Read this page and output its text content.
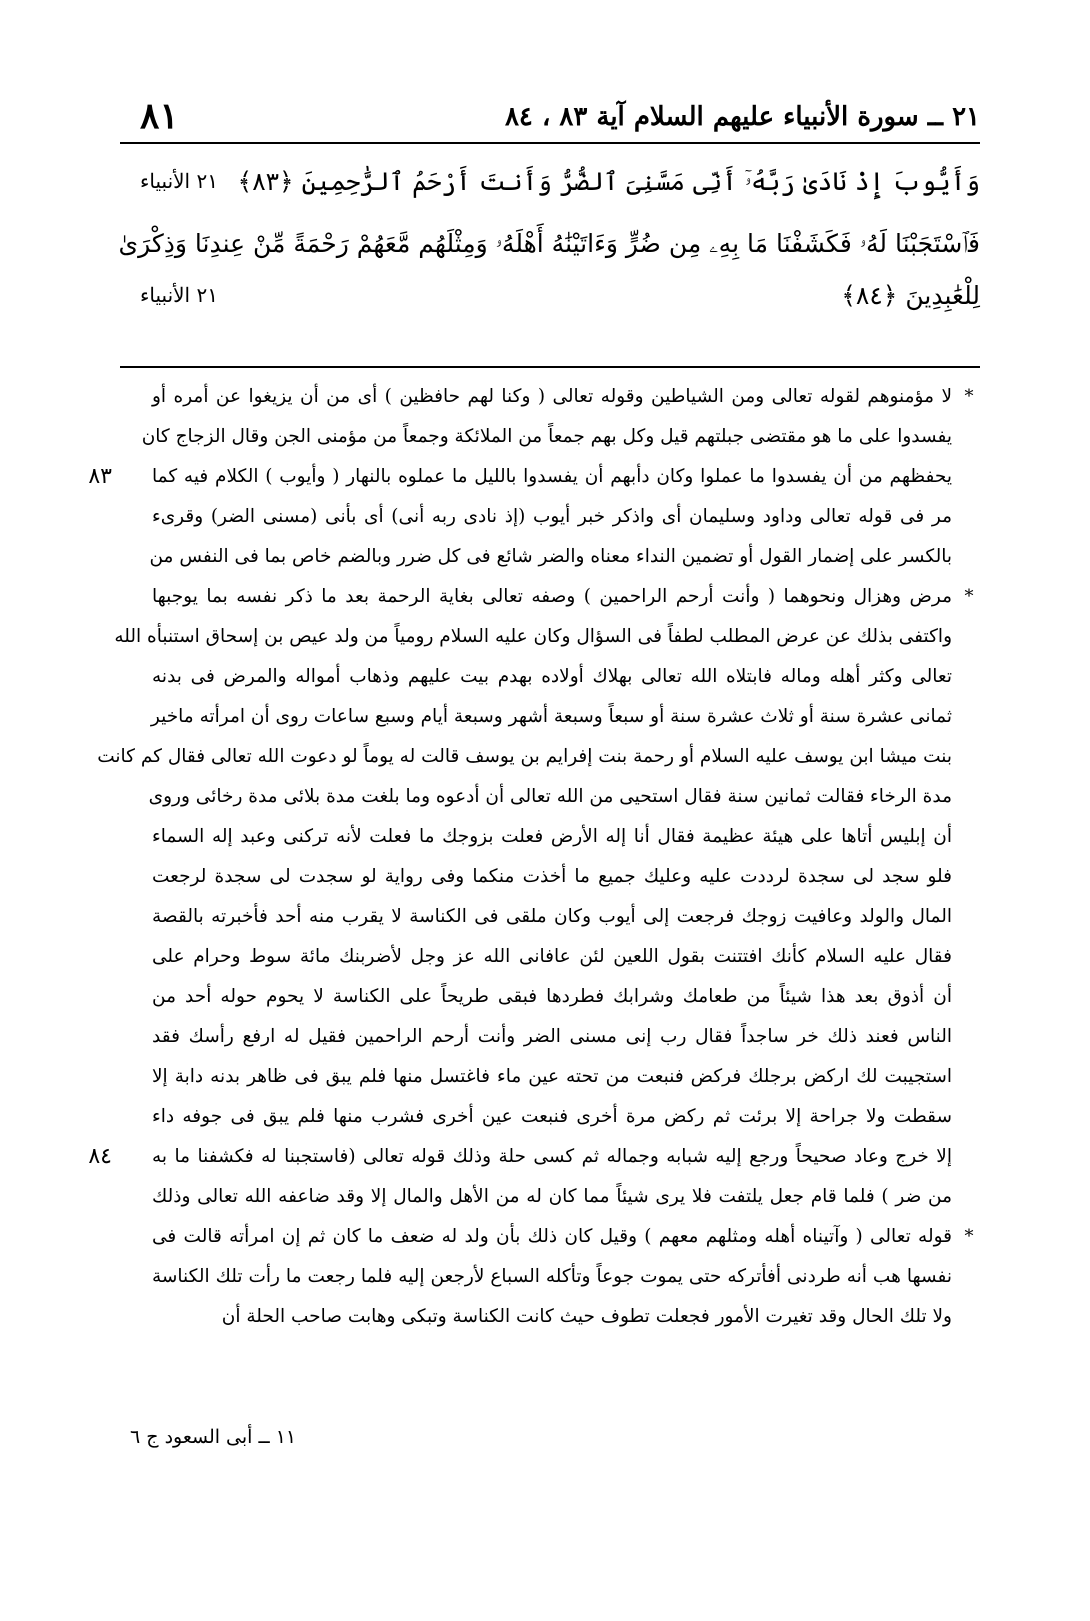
٨١	٢١ ــ سورة الأنبياء عليهم السلام آية ٨٣ ، ٨٤
وَأَيُّوبَ إِذْ نَادَىٰ رَبَّهُۥٓ أَنِّى مَسَّنِىَ ٱلضُّرُّ وَأَنتَ أَرْحَمُ ٱلرَّٰحِمِينَ ﴿٨٣﴾
٢١ الأنبياء
فَٱسْتَجَبْنَا لَهُۥ فَكَشَفْنَا مَا بِهِۦ مِن ضُرٍّ وَءَاتَيْنَٰهُ أَهْلَهُۥ وَمِثْلَهُم مَّعَهُمْ رَحْمَةً مِّنْ عِندِنَا وَذِكْرَىٰ
لِلْعَٰبِدِينَ ﴿٨٤﴾
٢١ الأنبياء
*
لا مؤمنوهم لقوله تعالى ومن الشياطين وقوله تعالى ( وكنا لهم حافظين ) أى من أن يزيغوا عن أمره أو
يفسدوا على ما هو مقتضى جبلتهم قيل وكل بهم جمعاً من الملائكة وجمعاً من مؤمنى الجن وقال الزجاج كان
يحفظهم من أن يفسدوا ما عملوا وكان دأبهم أن يفسدوا بالليل ما عملوه بالنهار ( وأيوب ) الكلام فيه كما
٨٣
مر فى قوله تعالى وداود وسليمان أى واذكر خبر أيوب (إذ نادى ربه أنى) أى بأنى (مسنى الضر) وقرىء
بالكسر على إضمار القول أو تضمين النداء معناه والضر شائع فى كل ضرر وبالضم خاص بما فى النفس من
*
مرض وهزال ونحوهما ( وأنت أرحم الراحمين ) وصفه تعالى بغاية الرحمة بعد ما ذكر نفسه بما يوجبها
واكتفى بذلك عن عرض المطلب لطفاً فى السؤال وكان عليه السلام رومياً من ولد عيص بن إسحاق استنبأه الله
تعالى وكثر أهله وماله فابتلاه الله تعالى بهلاك أولاده بهدم بيت عليهم وذهاب أمواله والمرض فى بدنه
ثمانى عشرة سنة أو ثلاث عشرة سنة أو سبعاً وسبعة أشهر وسبعة أيام وسبع ساعات روى أن امرأته ماخير
بنت ميشا ابن يوسف عليه السلام أو رحمة بنت إفرايم بن يوسف قالت له يوماً لو دعوت الله تعالى فقال كم كانت
مدة الرخاء فقالت ثمانين سنة فقال استحيى من الله تعالى أن أدعوه وما بلغت مدة بلائى مدة رخائى وروى
أن إبليس أتاها على هيئة عظيمة فقال أنا إله الأرض فعلت بزوجك ما فعلت لأنه تركنى وعبد إله السماء
فلو سجد لى سجدة لرددت عليه وعليك جميع ما أخذت منكما وفى رواية لو سجدت لى سجدة لرجعت
المال والولد وعافيت زوجك فرجعت إلى أيوب وكان ملقى فى الكناسة لا يقرب منه أحد فأخبرته بالقصة
فقال عليه السلام كأنك افتتنت بقول اللعين لئن عافانى الله عز وجل لأضربنك مائة سوط وحرام على
أن أذوق بعد هذا شيئاً من طعامك وشرابك فطردها فبقى طريحاً على الكناسة لا يحوم حوله أحد من
الناس فعند ذلك خر ساجداً فقال رب إنى مسنى الضر وأنت أرحم الراحمين فقيل له ارفع رأسك فقد
استجيبت لك اركض برجلك فركض فنبعت من تحته عين ماء فاغتسل منها فلم يبق فى ظاهر بدنه دابة إلا
سقطت ولا جراحة إلا برئت ثم ركض مرة أخرى فنبعت عين أخرى فشرب منها فلم يبق فى جوفه داء
إلا خرج وعاد صحيحاً ورجع إليه شبابه وجماله ثم كسى حلة وذلك قوله تعالى (فاستجبنا له فكشفنا ما به
٨٤
من ضر ) فلما قام جعل يلتفت فلا يرى شيئاً مما كان له من الأهل والمال إلا وقد ضاعفه الله تعالى وذلك
*
قوله تعالى ( وآتيناه أهله ومثلهم معهم ) وقيل كان ذلك بأن ولد له ضعف ما كان ثم إن امرأته قالت فى
نفسها هب أنه طردنى أفأتركه حتى يموت جوعاً وتأكله السباع لأرجعن إليه فلما رجعت ما رأت تلك الكناسة
ولا تلك الحال وقد تغيرت الأمور فجعلت تطوف حيث كانت الكناسة وتبكى وهابت صاحب الحلة أن
١١ ــ أبى السعود ج ٦
